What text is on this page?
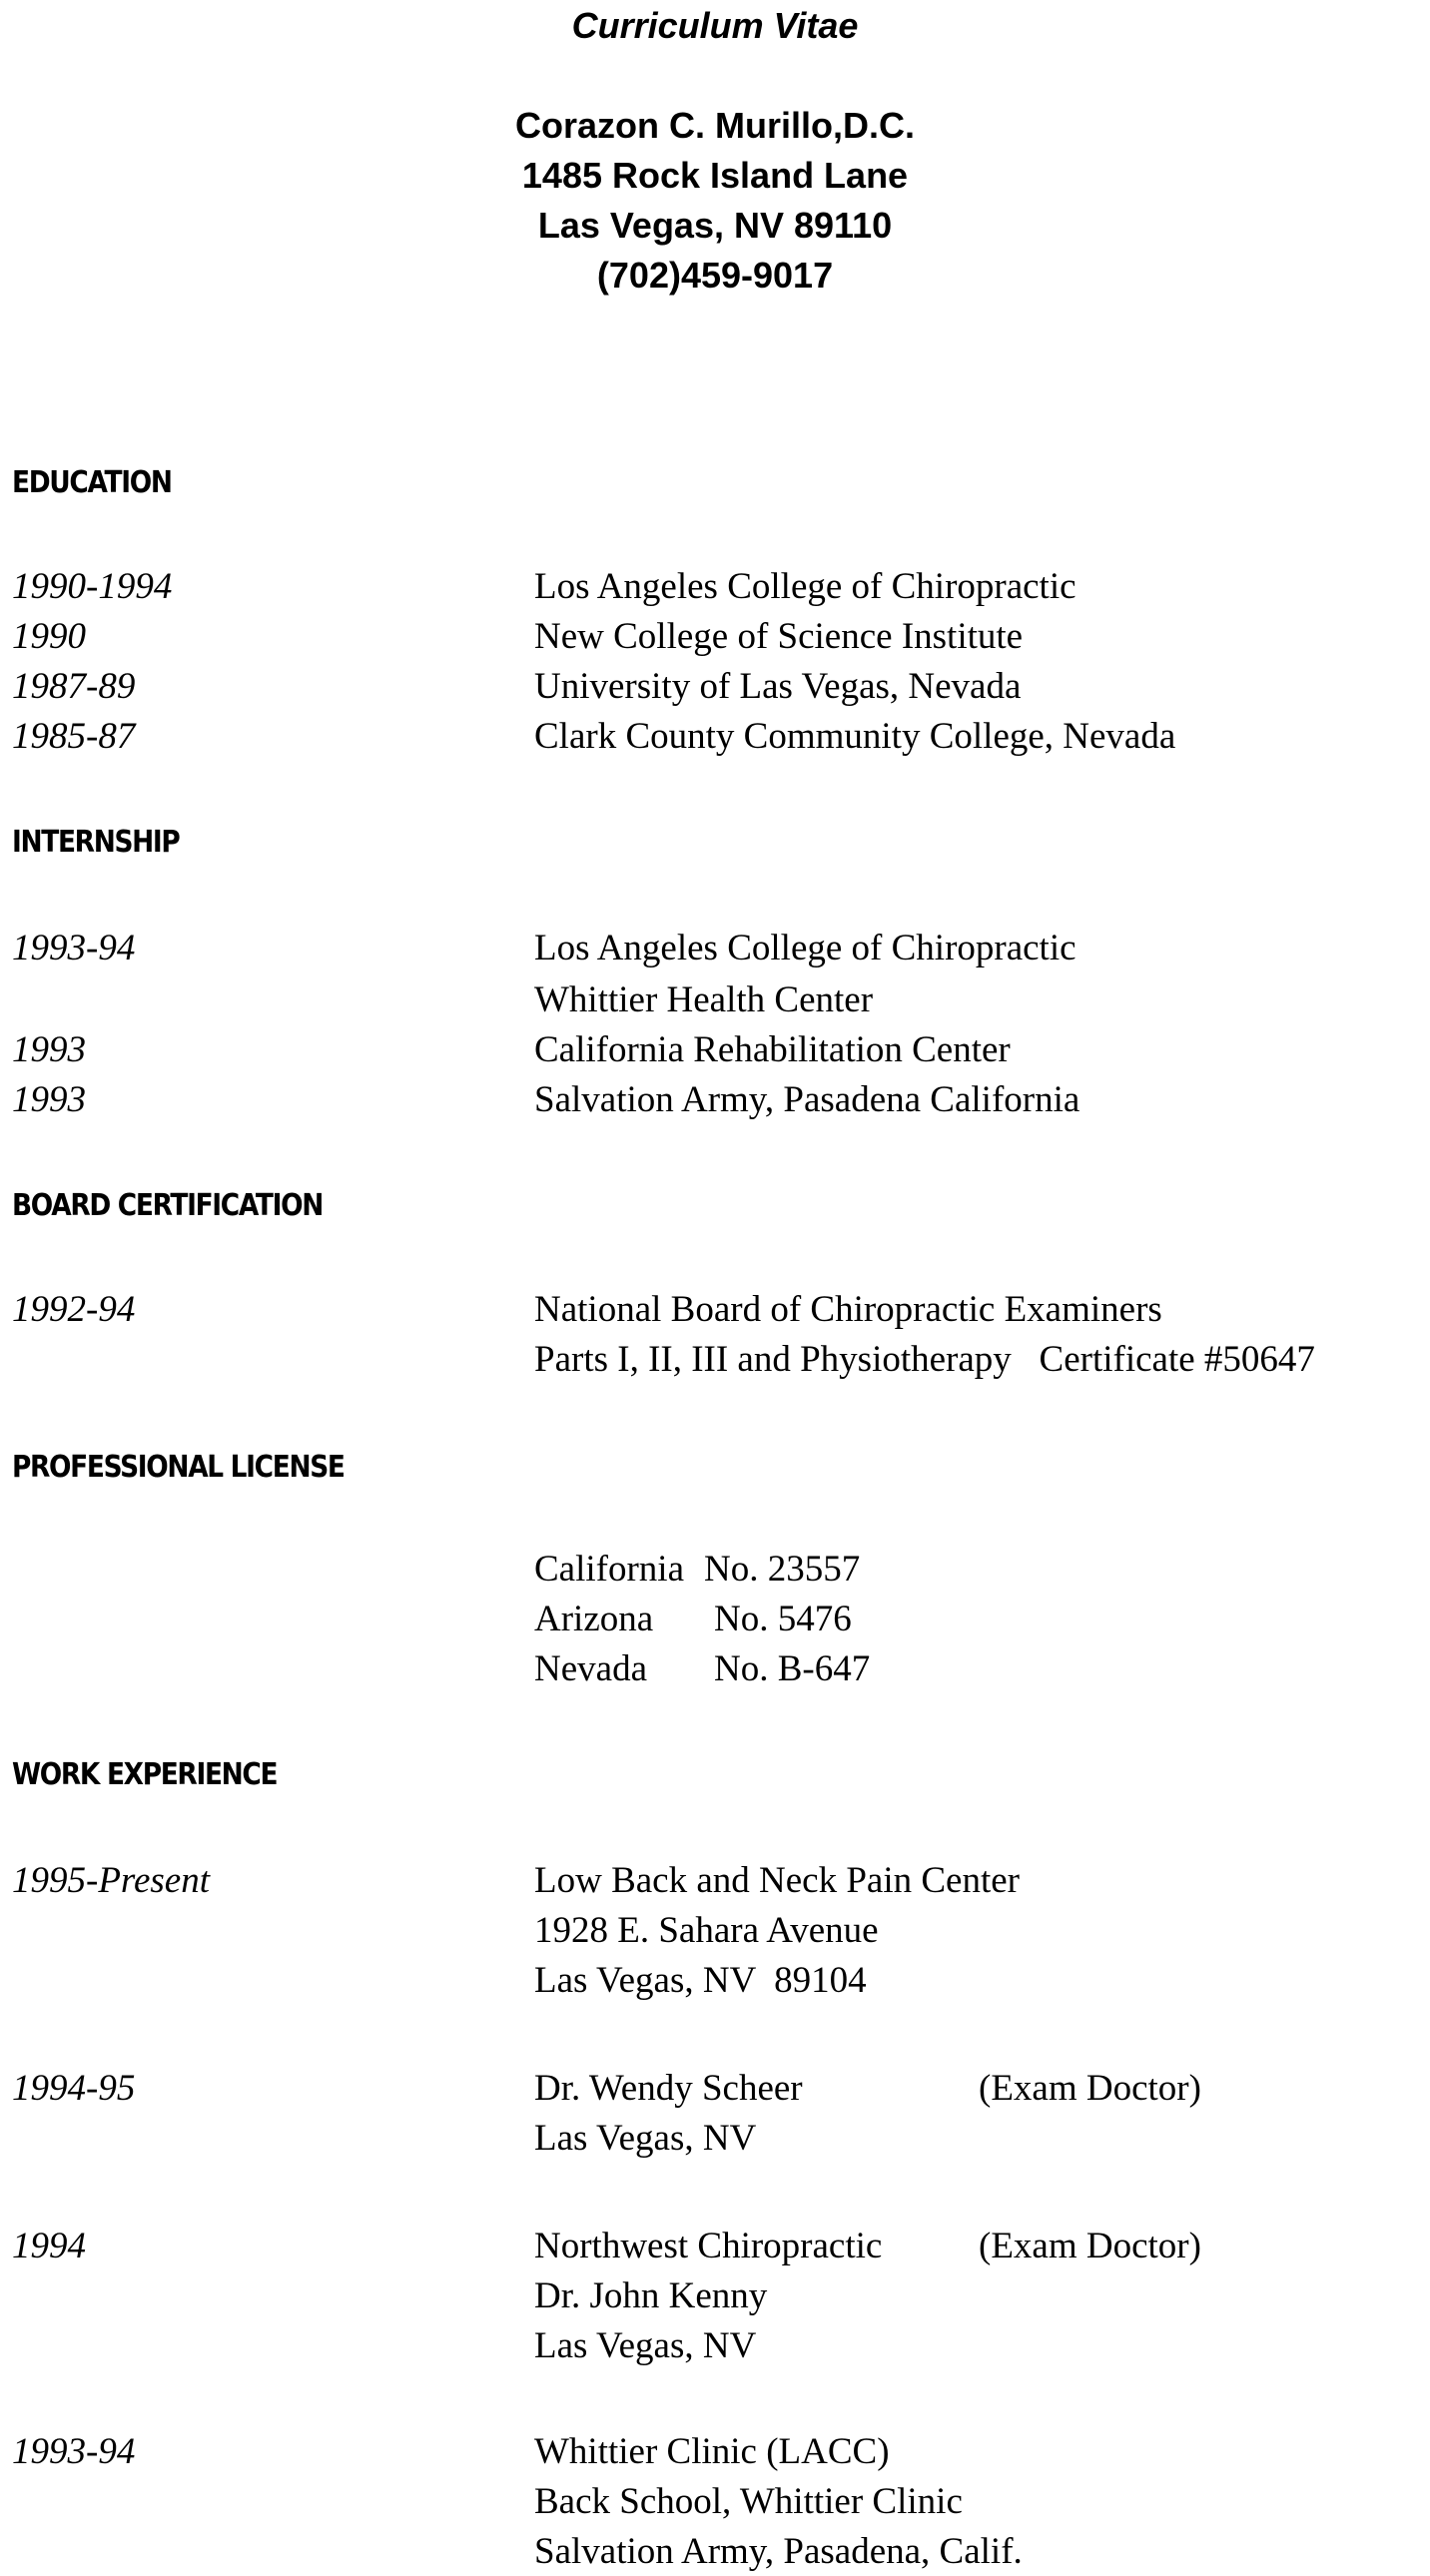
Curriculum Vitae
Corazon C. Murillo,D.C.
1485 Rock Island Lane
Las Vegas, NV 89110
(702)459-9017
EDUCATION
1990-1994	Los Angeles College of Chiropractic
1990	New College of Science Institute
1987-89	University of Las Vegas, Nevada
1985-87	Clark County Community College, Nevada
INTERNSHIP
1993-94	Los Angeles College of Chiropractic
Whittier Health Center
1993	California Rehabilitation Center
1993	Salvation Army, Pasadena California
BOARD CERTIFICATION
1992-94	National Board of Chiropractic Examiners
Parts I, II, III and Physiotherapy   Certificate #50647
PROFESSIONAL LICENSE
California No. 23557
Arizona No. 5476
Nevada No. B-647
WORK EXPERIENCE
1995-Present	Low Back and Neck Pain Center
1928 E. Sahara Avenue
Las Vegas, NV  89104
1994-95	Dr. Wendy Scheer	(Exam Doctor)
Las Vegas, NV
1994	Northwest Chiropractic	(Exam Doctor)
Dr. John Kenny
Las Vegas, NV
1993-94	Whittier Clinic (LACC)
Back School, Whittier Clinic
Salvation Army, Pasadena, Calif.
